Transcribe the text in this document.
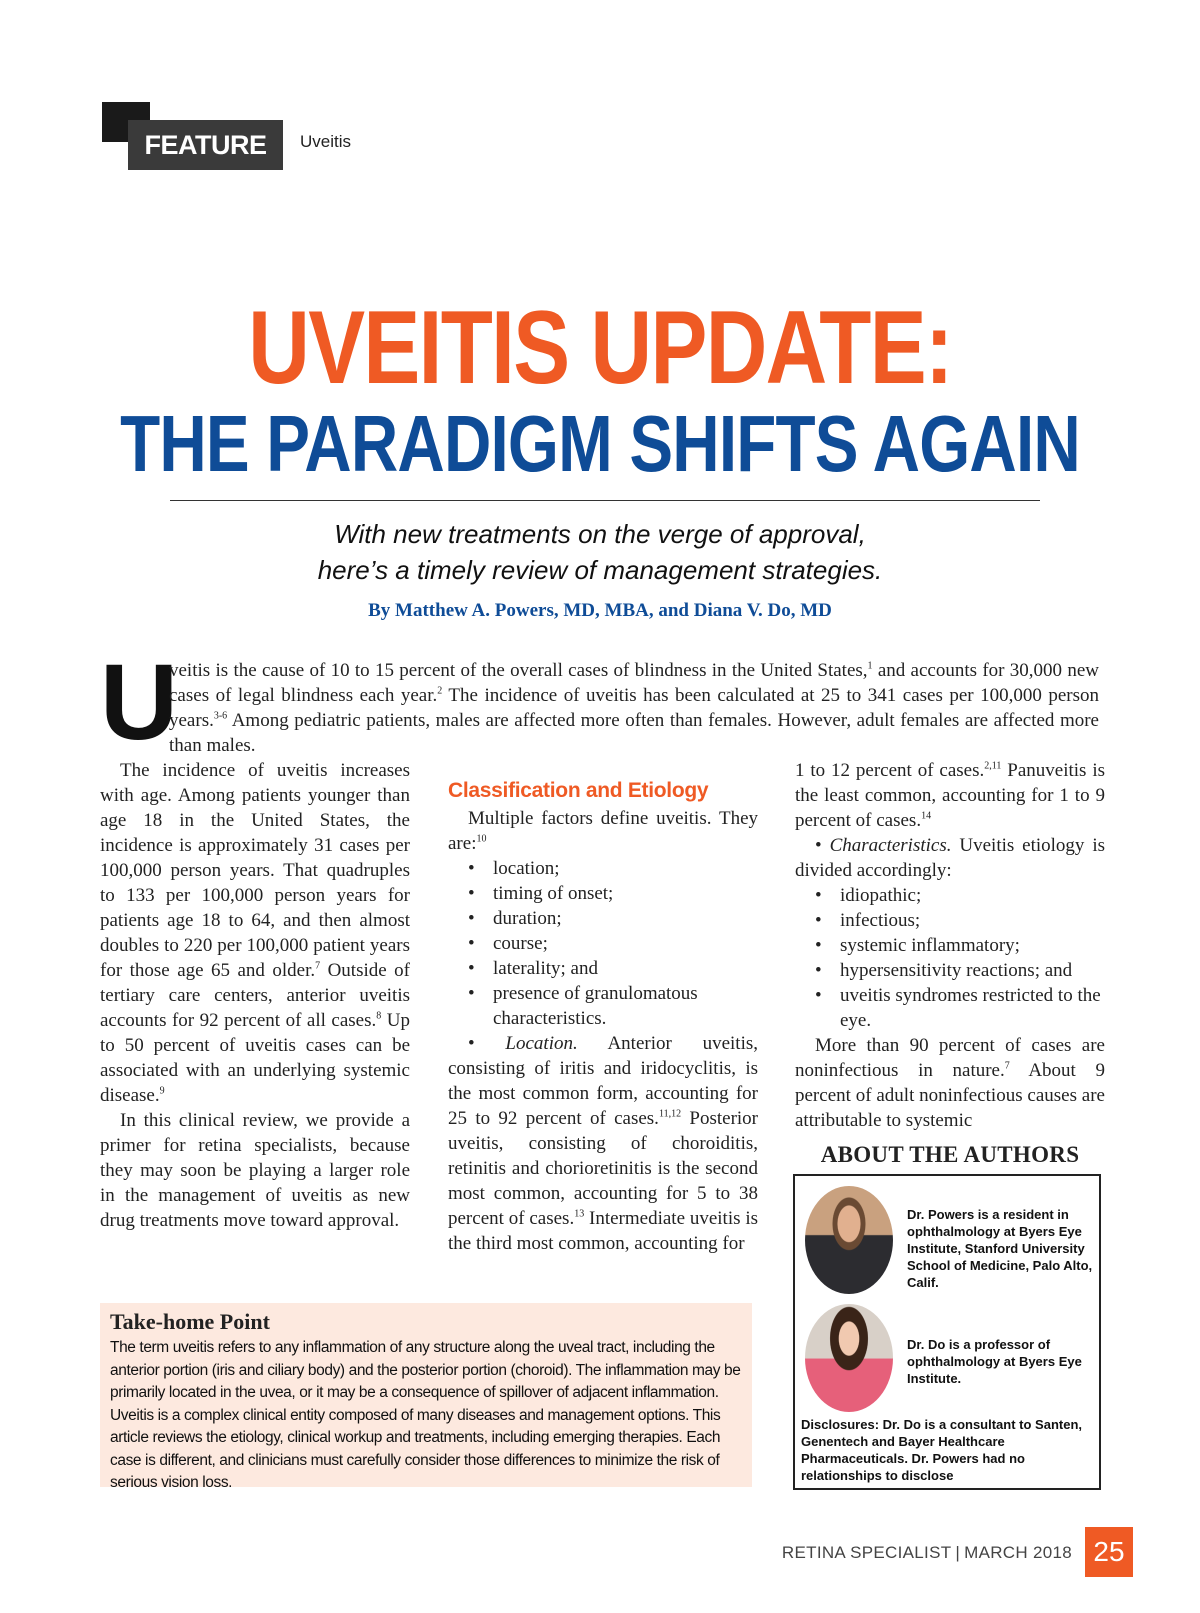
FEATURE	Uveitis
UVEITIS UPDATE:
THE PARADIGM SHIFTS AGAIN
With new treatments on the verge of approval,
here’s a timely review of management strategies.
By Matthew A. Powers, MD, MBA, and Diana V. Do, MD
U
veitis is the cause of 10 to 15 percent of the overall cases of blindness in the United States,$^1$ and accounts for 30,000 new cases of legal blindness each year.$^2$ The incidence of uveitis has been calculated at 25 to 341 cases per 100,000 person years.$^{3-6}$ Among pediatric patients, males are affected more often than females. However, adult females are affected more than males.

The incidence of uveitis increases with age. Among patients younger than age 18 in the United States, the incidence is approximately 31 cases per 100,000 person years. That quadruples to 133 per 100,000 person years for patients age 18 to 64, and then almost doubles to 220 per 100,000 patient years for those age 65 and older.$^7$ Outside of tertiary care centers, anterior uveitis accounts for 92 percent of all cases.$^8$ Up to 50 percent of uveitis cases can be associated with an underlying systemic disease.$^9$

In this clinical review, we provide a primer for retina specialists, because they may soon be playing a larger role in the management of uveitis as new drug treatments move toward approval.

Classification and Etiology

Multiple factors define uveitis. They are:$^{10}$

• location;
• timing of onset;
• duration;
• course;
• laterality; and
• presence of granulomatous characteristics.

• Location. Anterior uveitis, consisting of iritis and iridocyclitis, is the most common form, accounting for 25 to 92 percent of cases.$^{11,12}$ Posterior uveitis, consisting of choroiditis, retinitis and chorioretinitis is the second most common, accounting for 5 to 38 percent of cases.$^{13}$ Intermediate uveitis is the third most common, accounting for

1 to 12 percent of cases.$^{2,11}$ Panuveitis is the least common, accounting for 1 to 9 percent of cases.$^{14}$

• Characteristics. Uveitis etiology is divided accordingly:

• idiopathic;
• infectious;
• systemic inflammatory;
• hypersensitivity reactions; and
• uveitis syndromes restricted to the eye.

More than 90 percent of cases are noninfectious in nature.$^7$ About 9 percent of adult noninfectious causes are attributable to systemic

Take-home Point

The term uveitis refers to any inflammation of any structure along the uveal tract, including the anterior portion (iris and ciliary body) and the posterior portion (choroid). The inflammation may be primarily located in the uvea, or it may be a consequence of spillover of adjacent inflammation. Uveitis is a complex clinical entity composed of many diseases and management options. This article reviews the etiology, clinical workup and treatments, including emerging therapies. Each case is different, and clinicians must carefully consider those differences to minimize the risk of serious vision loss.

ABOUT THE AUTHORS
Dr. Powers is a resident in ophthalmology at Byers Eye Institute, Stanford University School of Medicine, Palo Alto, Calif.
Dr. Do is a professor of ophthalmology at Byers Eye Institute.
Disclosures: Dr. Do is a consultant to Santen, Genentech and Bayer Healthcare Pharmaceuticals. Dr. Powers had no relationships to disclose
RETINA SPECIALIST | MARCH 2018 25
